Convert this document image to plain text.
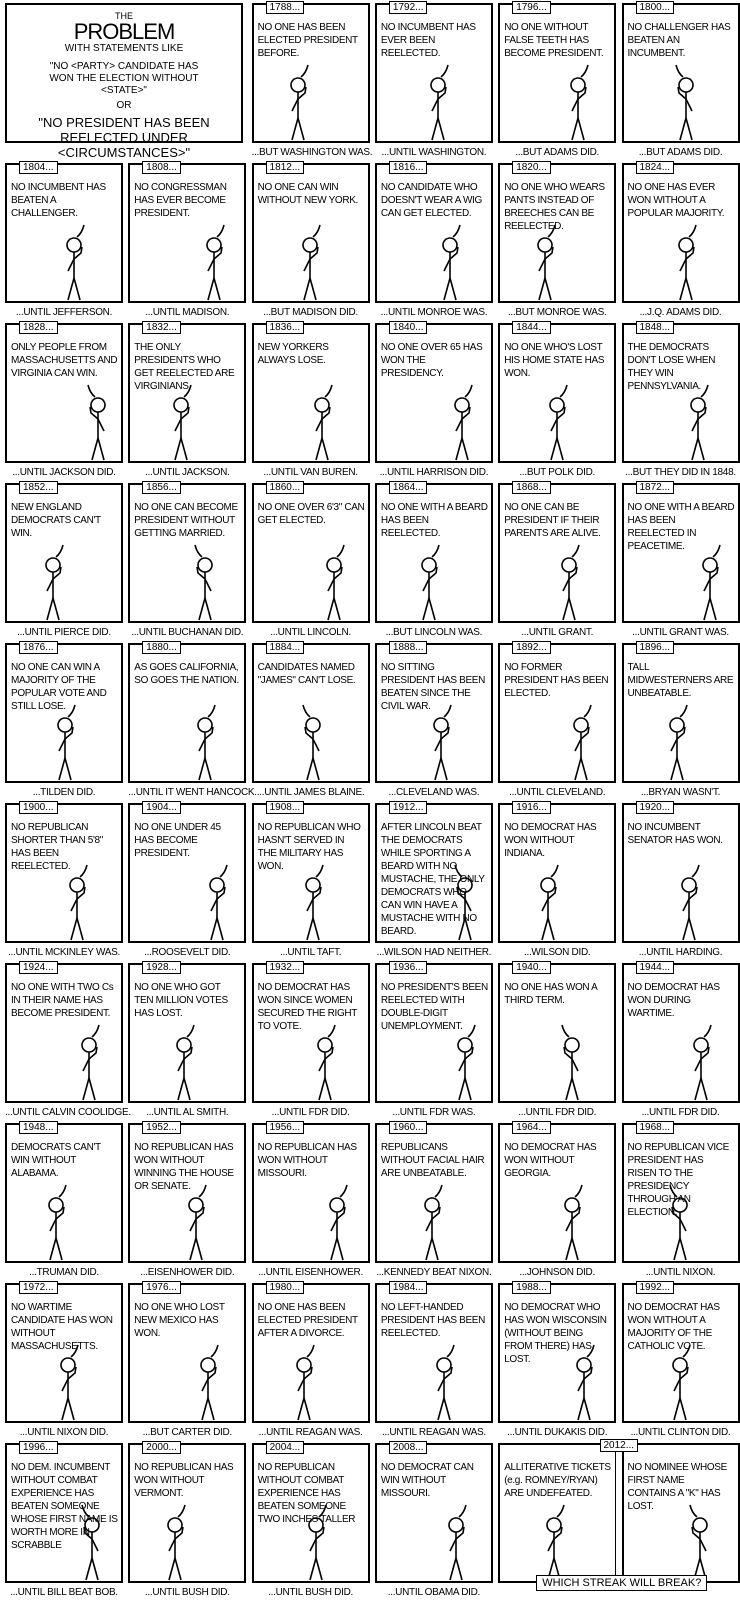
THE
PROBLEM
WITH STATEMENTS LIKE
"NO <PARTY> CANDIDATE HAS WON THE ELECTION WITHOUT <STATE>"
OR
"NO PRESIDENT HAS BEEN REELECTED UNDER <CIRCUMSTANCES>"
1788...
NO ONE HAS BEEN ELECTED PRESIDENT BEFORE.
...BUT WASHINGTON WAS.
1792...
NO INCUMBENT HAS EVER BEEN REELECTED.
...UNTIL WASHINGTON.
1796...
NO ONE WITHOUT FALSE TEETH HAS BECOME PRESIDENT.
...BUT ADAMS DID.
1800...
NO CHALLENGER HAS BEATEN AN INCUMBENT.
...BUT ADAMS DID.
1804...
NO INCUMBENT HAS BEATEN A CHALLENGER.
...UNTIL JEFFERSON.
1808...
NO CONGRESSMAN HAS EVER BECOME PRESIDENT.
...UNTIL MADISON.
1812...
NO ONE CAN WIN WITHOUT NEW YORK.
...BUT MADISON DID.
1816...
NO CANDIDATE WHO DOESN'T WEAR A WIG CAN GET ELECTED.
...UNTIL MONROE WAS.
1820...
NO ONE WHO WEARS PANTS INSTEAD OF BREECHES CAN BE REELECTED.
...BUT MONROE WAS.
1824...
NO ONE HAS EVER WON WITHOUT A POPULAR MAJORITY.
...J.Q. ADAMS DID.
1828...
ONLY PEOPLE FROM MASSACHUSETTS AND VIRGINIA CAN WIN.
...UNTIL JACKSON DID.
1832...
THE ONLY PRESIDENTS WHO GET REELECTED ARE VIRGINIANS.
...UNTIL JACKSON.
1836...
NEW YORKERS ALWAYS LOSE.
...UNTIL VAN BUREN.
1840...
NO ONE OVER 65 HAS WON THE PRESIDENCY.
...UNTIL HARRISON DID.
1844...
NO ONE WHO'S LOST HIS HOME STATE HAS WON.
...BUT POLK DID.
1848...
THE DEMOCRATS DON'T LOSE WHEN THEY WIN PENNSYLVANIA.
...BUT THEY DID IN 1848.
1852...
NEW ENGLAND DEMOCRATS CAN'T WIN.
...UNTIL PIERCE DID.
1856...
NO ONE CAN BECOME PRESIDENT WITHOUT GETTING MARRIED.
...UNTIL BUCHANAN DID.
1860...
NO ONE OVER 6'3" CAN GET ELECTED.
...UNTIL LINCOLN.
1864...
NO ONE WITH A BEARD HAS BEEN REELECTED.
...BUT LINCOLN WAS.
1868...
NO ONE CAN BE PRESIDENT IF THEIR PARENTS ARE ALIVE.
...UNTIL GRANT.
1872...
NO ONE WITH A BEARD HAS BEEN REELECTED IN PEACETIME.
...UNTIL GRANT WAS.
1876...
NO ONE CAN WIN A MAJORITY OF THE POPULAR VOTE AND STILL LOSE.
...TILDEN DID.
1880...
AS GOES CALIFORNIA, SO GOES THE NATION.
...UNTIL IT WENT HANCOCK.
1884...
CANDIDATES NAMED "JAMES" CAN'T LOSE.
...UNTIL JAMES BLAINE.
1888...
NO SITTING PRESIDENT HAS BEEN BEATEN SINCE THE CIVIL WAR.
...CLEVELAND WAS.
1892...
NO FORMER PRESIDENT HAS BEEN ELECTED.
...UNTIL CLEVELAND.
1896...
TALL MIDWESTERNERS ARE UNBEATABLE.
...BRYAN WASN'T.
1900...
NO REPUBLICAN SHORTER THAN 5'8" HAS BEEN REELECTED.
...UNTIL MCKINLEY WAS.
1904...
NO ONE UNDER 45 HAS BECOME PRESIDENT.
...ROOSEVELT DID.
1908...
NO REPUBLICAN WHO HASN'T SERVED IN THE MILITARY HAS WON.
...UNTIL TAFT.
1912...
AFTER LINCOLN BEAT THE DEMOCRATS WHILE SPORTING A BEARD WITH NO MUSTACHE, THE ONLY DEMOCRATS WHO CAN WIN HAVE A MUSTACHE WITH NO BEARD.
...WILSON HAD NEITHER.
1916...
NO DEMOCRAT HAS WON WITHOUT INDIANA.
...WILSON DID.
1920...
NO INCUMBENT SENATOR HAS WON.
...UNTIL HARDING.
1924...
NO ONE WITH TWO Cs IN THEIR NAME HAS BECOME PRESIDENT.
...UNTIL CALVIN COOLIDGE.
1928...
NO ONE WHO GOT TEN MILLION VOTES HAS LOST.
...UNTIL AL SMITH.
1932...
NO DEMOCRAT HAS WON SINCE WOMEN SECURED THE RIGHT TO VOTE.
...UNTIL FDR DID.
1936...
NO PRESIDENT'S BEEN REELECTED WITH DOUBLE-DIGIT UNEMPLOYMENT.
...UNTIL FDR WAS.
1940...
NO ONE HAS WON A THIRD TERM.
...UNTIL FDR DID.
1944...
NO DEMOCRAT HAS WON DURING WARTIME.
...UNTIL FDR DID.
1948...
DEMOCRATS CAN'T WIN WITHOUT ALABAMA.
...TRUMAN DID.
1952...
NO REPUBLICAN HAS WON WITHOUT WINNING THE HOUSE OR SENATE.
...EISENHOWER DID.
1956...
NO REPUBLICAN HAS WON WITHOUT MISSOURI.
...UNTIL EISENHOWER.
1960...
REPUBLICANS WITHOUT FACIAL HAIR ARE UNBEATABLE.
...KENNEDY BEAT NIXON.
1964...
NO DEMOCRAT HAS WON WITHOUT GEORGIA.
...JOHNSON DID.
1968...
NO REPUBLICAN VICE PRESIDENT HAS RISEN TO THE PRESIDENCY THROUGH AN ELECTION.
...UNTIL NIXON.
1972...
NO WARTIME CANDIDATE HAS WON WITHOUT MASSACHUSETTS.
...UNTIL NIXON DID.
1976...
NO ONE WHO LOST NEW MEXICO HAS WON.
...BUT CARTER DID.
1980...
NO ONE HAS BEEN ELECTED PRESIDENT AFTER A DIVORCE.
...UNTIL REAGAN WAS.
1984...
NO LEFT-HANDED PRESIDENT HAS BEEN REELECTED.
...UNTIL REAGAN WAS.
1988...
NO DEMOCRAT WHO HAS WON WISCONSIN (WITHOUT BEING FROM THERE) HAS LOST.
...UNTIL DUKAKIS DID.
1992...
NO DEMOCRAT HAS WON WITHOUT A MAJORITY OF THE CATHOLIC VOTE.
...UNTIL CLINTON DID.
1996...
NO DEM. INCUMBENT WITHOUT COMBAT EXPERIENCE HAS BEATEN SOMEONE WHOSE FIRST NAME IS WORTH MORE IN SCRABBLE
...UNTIL BILL BEAT BOB.
2000...
NO REPUBLICAN HAS WON WITHOUT VERMONT.
...UNTIL BUSH DID.
2004...
NO REPUBLICAN WITHOUT COMBAT EXPERIENCE HAS BEATEN SOMEONE TWO INCHES TALLER
...UNTIL BUSH DID.
2008...
NO DEMOCRAT CAN WIN WITHOUT MISSOURI.
...UNTIL OBAMA DID.
ALLITERATIVE TICKETS (e.g. ROMNEY/RYAN) ARE UNDEFEATED.
NO NOMINEE WHOSE FIRST NAME CONTAINS A "K" HAS LOST.
2012...
WHICH STREAK WILL BREAK?
